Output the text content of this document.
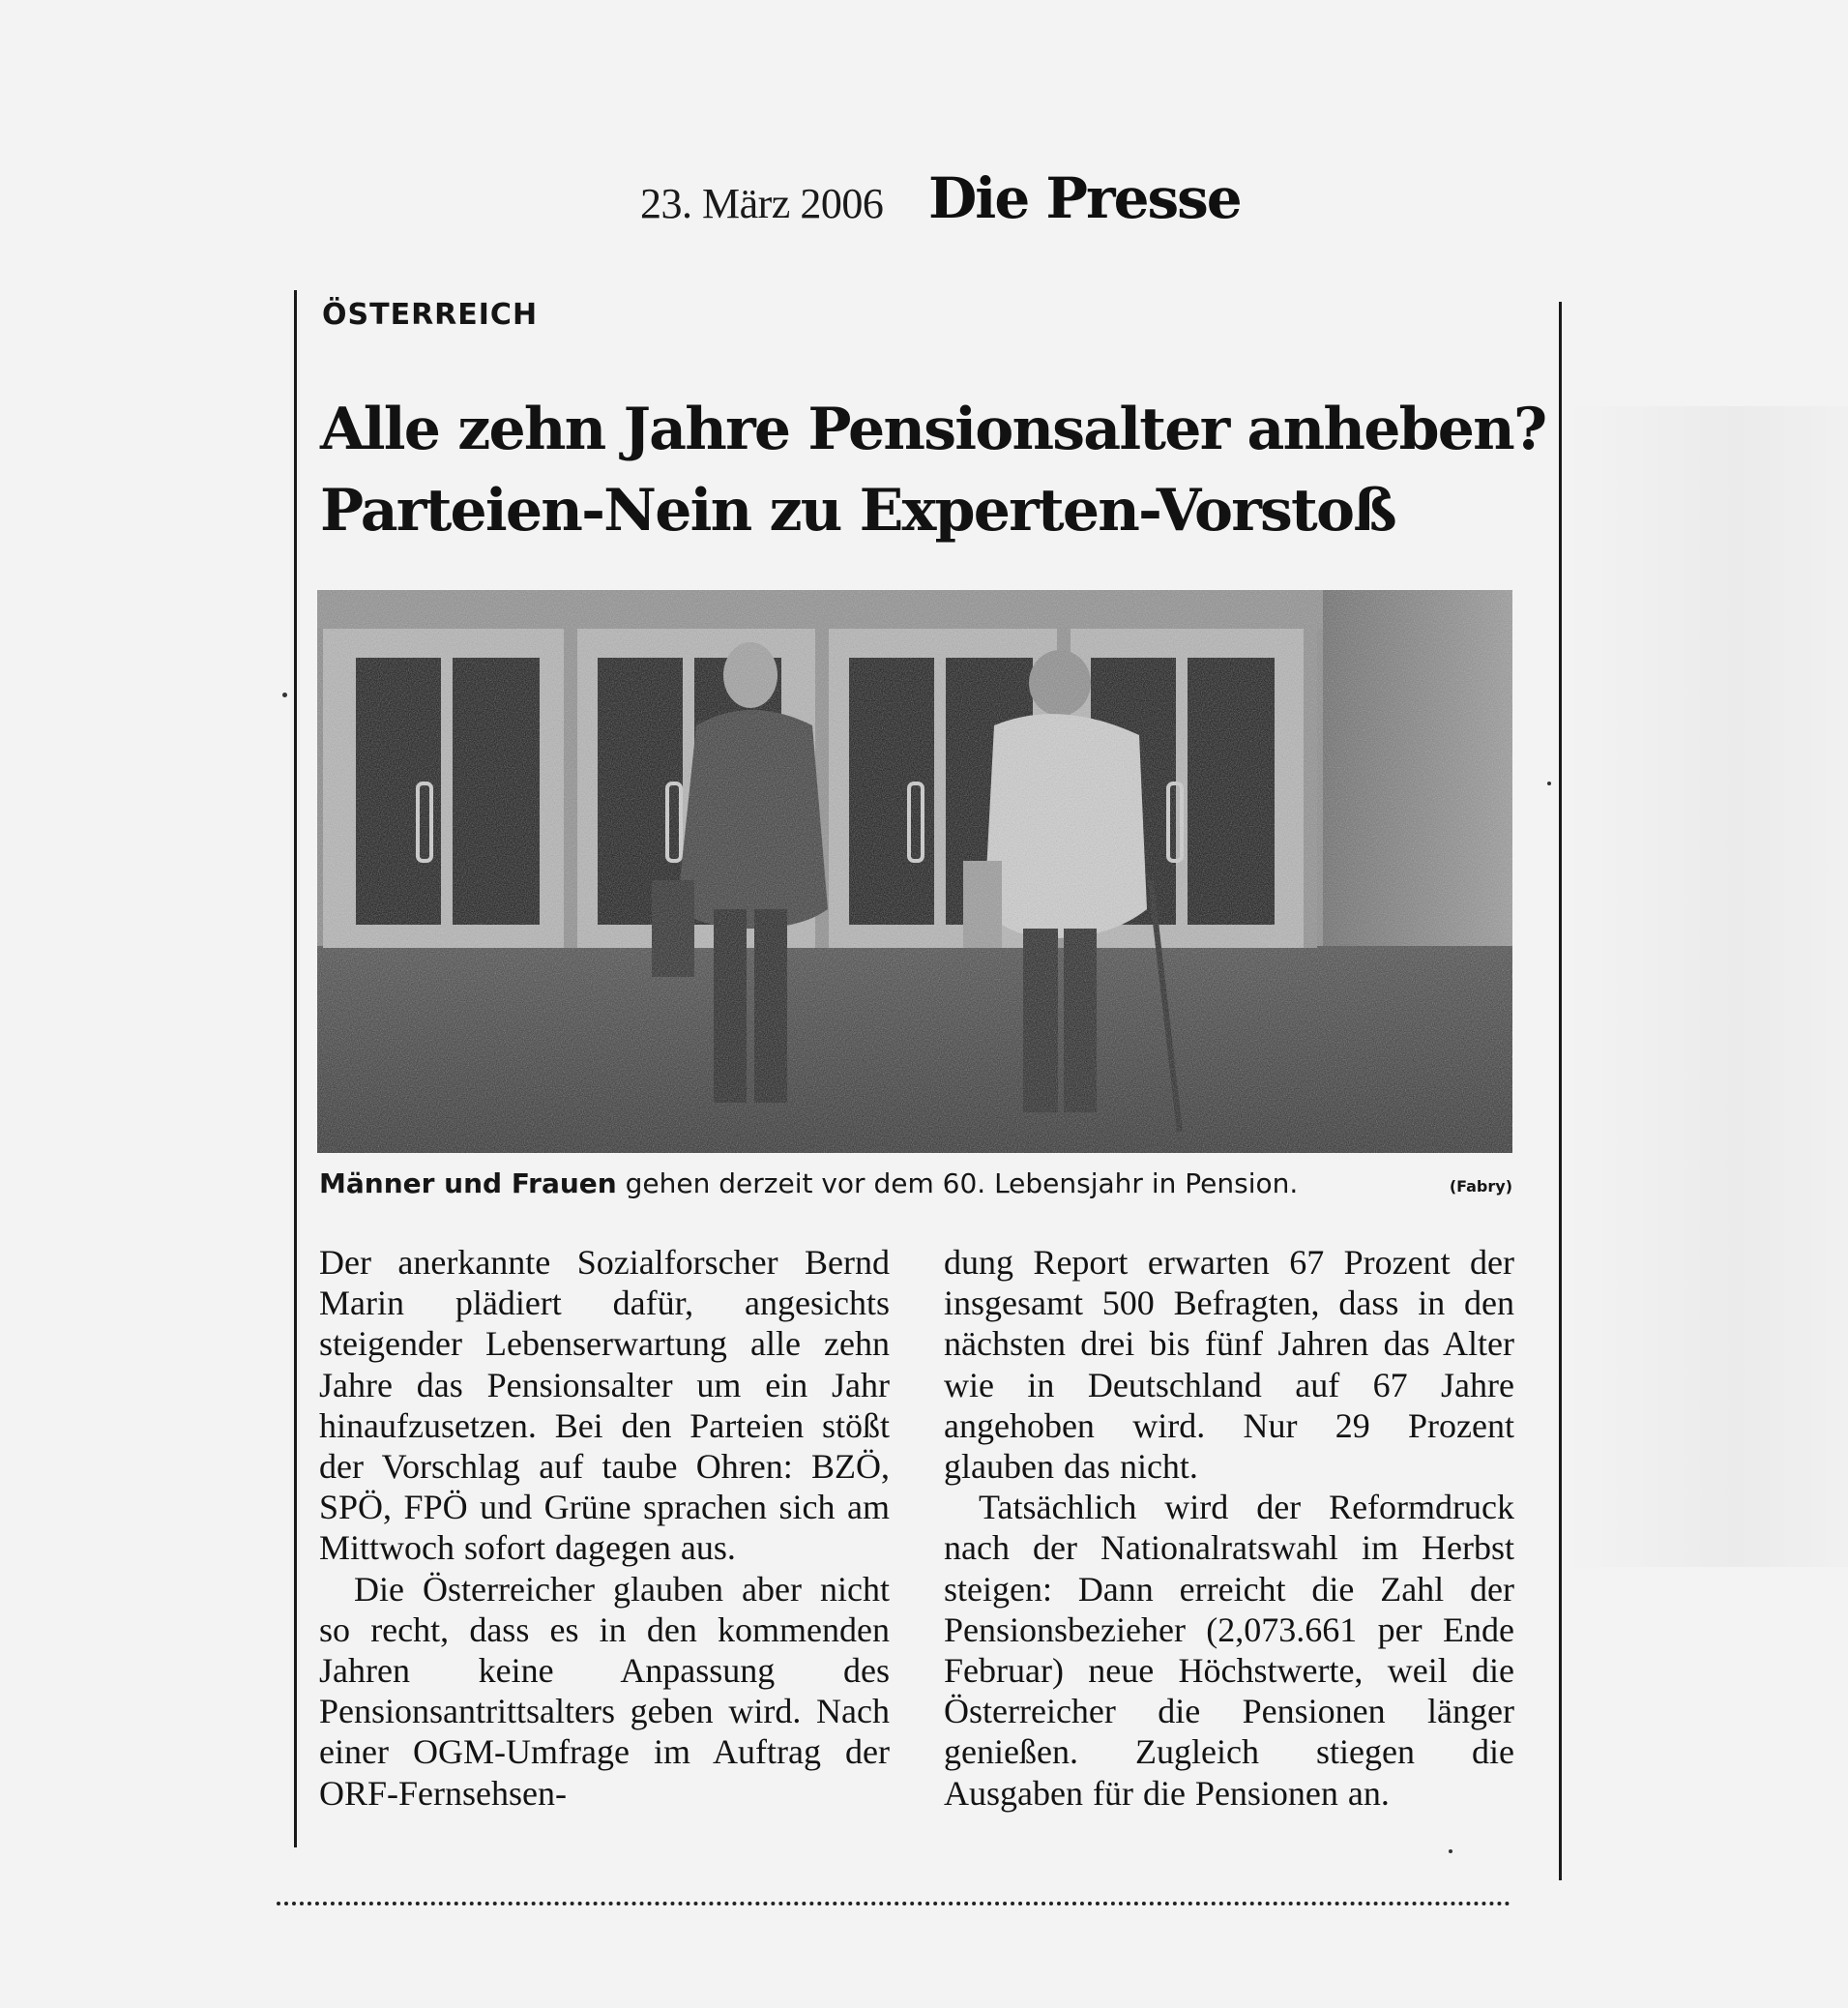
23. März 2006 Die Presse
ÖSTERREICH
Alle zehn Jahre Pensionsalter anheben?
Parteien-Nein zu Experten-Vorstoß
Männer und Frauen gehen derzeit vor dem 60. Lebensjahr in Pension.	(Fabry)

Der anerkannte Sozialforscher Bernd Marin plädiert dafür, angesichts steigender Lebenserwartung alle zehn Jahre das Pensionsalter um ein Jahr hinaufzusetzen. Bei den Parteien stößt der Vorschlag auf taube Ohren: BZÖ, SPÖ, FPÖ und Grüne sprachen sich am Mittwoch sofort dagegen aus.

Die Österreicher glauben aber nicht so recht, dass es in den kommenden Jahren keine Anpassung des Pensionsantrittsalters geben wird. Nach einer OGM-Umfrage im Auftrag der ORF-Fernsehsen-

dung Report erwarten 67 Prozent der insgesamt 500 Befragten, dass in den nächsten drei bis fünf Jahren das Alter wie in Deutschland auf 67 Jahre angehoben wird. Nur 29 Prozent glauben das nicht.

Tatsächlich wird der Reformdruck nach der Nationalratswahl im Herbst steigen: Dann erreicht die Zahl der Pensionsbezieher (2,073.661 per Ende Februar) neue Höchstwerte, weil die Österreicher die Pensionen länger genießen. Zugleich stiegen die Ausgaben für die Pensionen an.
